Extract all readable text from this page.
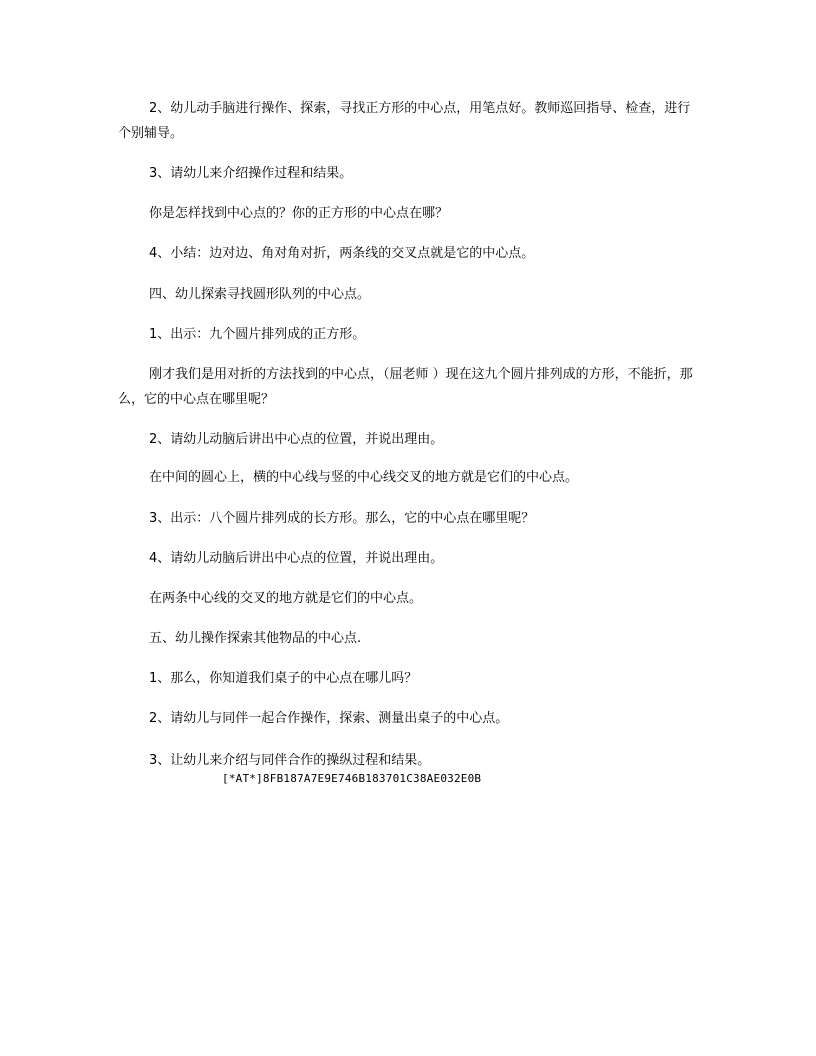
2、幼儿动手脑进行操作、探索，寻找正方形的中心点，用笔点好。教师巡回指导、检查，进行个别辅导。

3、请幼儿来介绍操作过程和结果。

你是怎样找到中心点的？你的正方形的中心点在哪？

4、小结：边对边、角对角对折，两条线的交叉点就是它的中心点。

四、幼儿探索寻找圆形队列的中心点。

1、出示：九个圆片排列成的正方形。

刚才我们是用对折的方法找到的中心点，（屈老师 ）现在这九个圆片排列成的方形，不能折，那么，它的中心点在哪里呢？

2、请幼儿动脑后讲出中心点的位置，并说出理由。

在中间的圆心上，横的中心线与竖的中心线交叉的地方就是它们的中心点。

3、出示：八个圆片排列成的长方形。那么，它的中心点在哪里呢？

4、请幼儿动脑后讲出中心点的位置，并说出理由。

在两条中心线的交叉的地方就是它们的中心点。

五、幼儿操作探索其他物品的中心点.

1、那么，你知道我们桌子的中心点在哪儿吗？

2、请幼儿与同伴一起合作操作，探索、测量出桌子的中心点。

3、让幼儿来介绍与同伴合作的操纵过程和结果。

[*AT*]8FB187A7E9E746B183701C38AE032E0B
